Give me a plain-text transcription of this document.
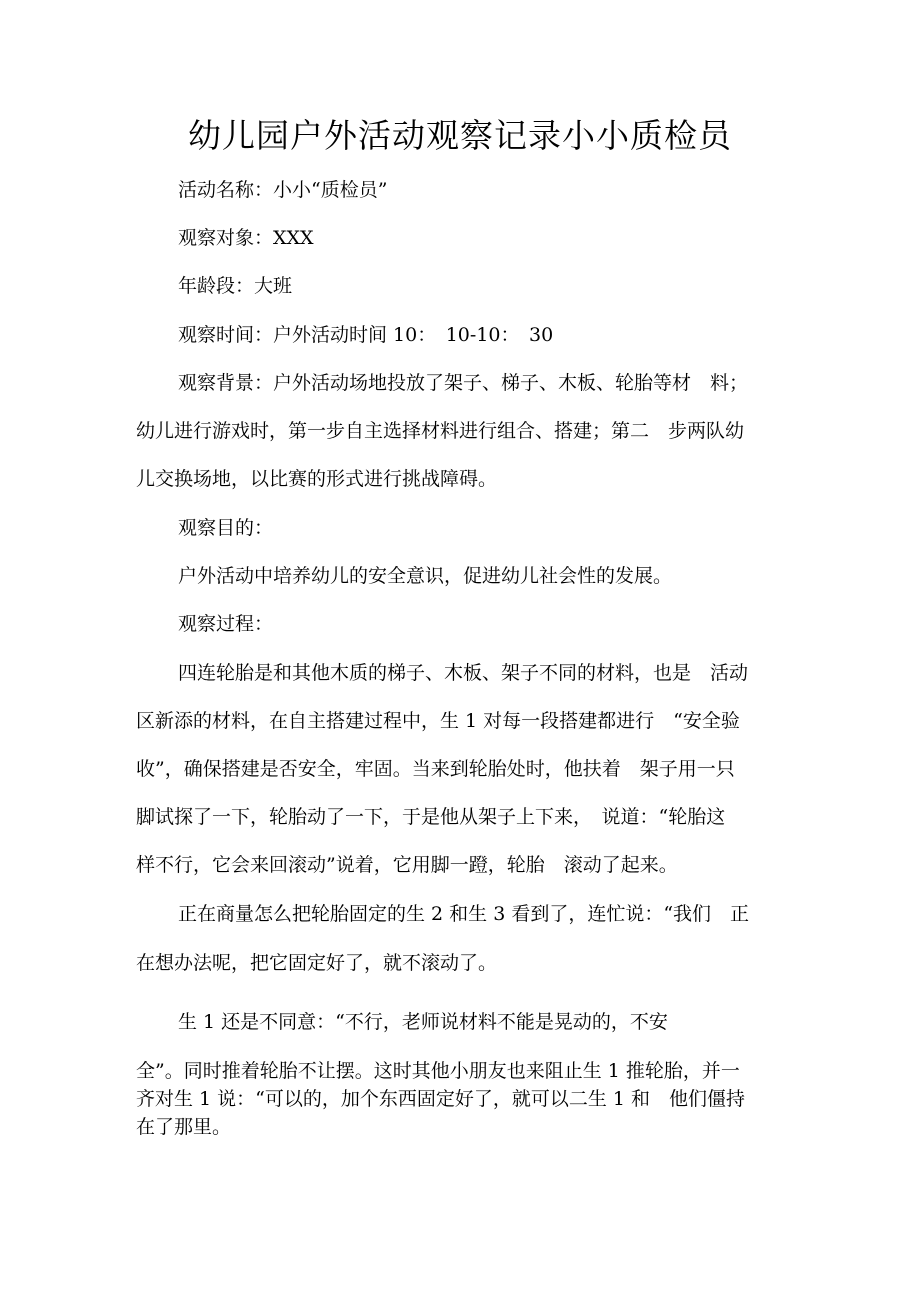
幼儿园户外活动观察记录小小质检员

活动名称：小小“质检员”

观察对象：XXX

年龄段：大班

观察时间：户外活动时间 10：　10-10：　30

观察背景：户外活动场地投放了架子、梯子、木板、轮胎等材　料；

幼儿进行游戏时，第一步自主选择材料进行组合、搭建；第二　步两队幼

儿交换场地，以比赛的形式进行挑战障碍。

观察目的：

户外活动中培养幼儿的安全意识，促进幼儿社会性的发展。

观察过程：

四连轮胎是和其他木质的梯子、木板、架子不同的材料，也是　活动

区新添的材料，在自主搭建过程中，生 1 对每一段搭建都进行　“安全验

收”，确保搭建是否安全，牢固。当来到轮胎处时，他扶着　架子用一只

脚试探了一下，轮胎动了一下，于是他从架子上下来，　说道：“轮胎这

样不行，它会来回滚动”说着，它用脚一蹬，轮胎　滚动了起来。

正在商量怎么把轮胎固定的生 2 和生 3 看到了，连忙说：“我们　正

在想办法呢，把它固定好了，就不滚动了。

生 1 还是不同意：“不行，老师说材料不能是晃动的，不安

全”。同时推着轮胎不让摆。这时其他小朋友也来阻止生 1 推轮胎，并一

齐对生 1 说：“可以的，加个东西固定好了，就可以二生 1 和　他们僵持

在了那里。
